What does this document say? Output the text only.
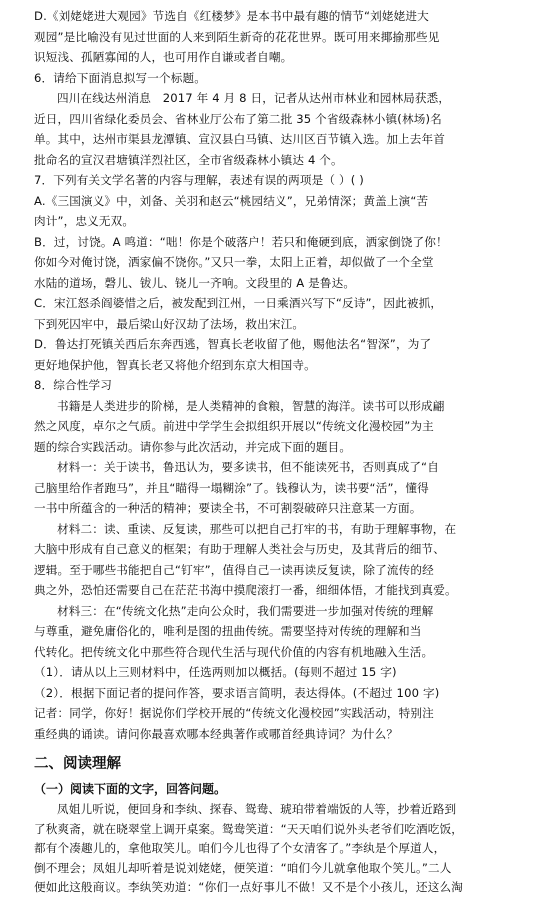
D.《刘姥姥进大观园》节选自《红楼梦》是本书中最有趣的情节“刘姥姥进大

观园”是比喻没有见过世面的人来到陌生新奇的花花世界。既可用来揶揄那些见

识短浅、孤陋寡闻的人，也可用作自谦或者自嘲。

6．请给下面消息拟写一个标题。

四川在线达州消息　2017 年 4 月 8 日，记者从达州市林业和园林局获悉，

近日，四川省绿化委员会、省林业厅公布了第二批 35 个省级森林小镇(林场)名

单。其中，达州市渠县龙潭镇、宣汉县白马镇、达川区百节镇入选。加上去年首

批命名的宣汉君塘镇洋烈社区，全市省级森林小镇达 4 个。

7．下列有关文学名著的内容与理解，表述有误的两项是（ ）( )

A.《三国演义》中，刘备、关羽和赵云“桃园结义”，兄弟情深；黄盖上演“苦

肉计”，忠义无双。

B．过，讨饶。A 鸣道：“咄！你是个破落户！若只和俺硬到底，洒家倒饶了你！

你如今对俺讨饶，洒家偏不饶你。”又只一拳，太阳上正着，却似做了一个全堂

水陆的道场，磬儿、钹儿、铙儿一齐响。文段里的 A 是鲁达。

C．宋江怒杀阎婆惜之后，被发配到江州，一日乘酒兴写下“反诗”，因此被抓，

下到死囚牢中，最后梁山好汉劫了法场，救出宋江。

D．鲁达打死镇关西后东奔西逃，智真长老收留了他，赐他法名“智深”，为了

更好地保护他，智真长老又将他介绍到东京大相国寺。

8．综合性学习

书籍是人类进步的阶梯，是人类精神的食粮，智慧的海洋。读书可以形成翩

然之风度，卓尔之气质。前进中学学生会拟组织开展以“传统文化漫校园”为主

题的综合实践活动。请你参与此次活动，并完成下面的题目。

材料一：关于读书，鲁迅认为，要多读书，但不能读死书，否则真成了“自

己脑里给作者跑马”，并且“瞄得一塌糊涂”了。钱穆认为，读书要“活”，懂得

一书中所蕴含的一种活的精神；要读全书，不可割裂破碎只注意某一方面。

材料二：读、重读、反复读，那些可以把自己打牢的书，有助于理解事物，在

大脑中形成有自己意义的框架；有助于理解人类社会与历史，及其背后的细节、

逻辑。至于哪些书能把自己“钉牢”，值得自己一读再读反复读，除了流传的经

典之外，恐怕还需要自己在茫茫书海中摸爬滚打一番，细细体悟，才能找到真爱。

材料三：在“传统文化热”走向公众时，我们需要进一步加强对传统的理解

与尊重，避免庸俗化的，唯利是图的扭曲传统。需要坚持对传统的理解和当

代转化。把传统文化中那些符合现代生活与现代价值的内容有机地融入生活。

（1）．请从以上三则材料中，任选两则加以概括。(每则不超过 15 字)

（2）．根据下面记者的提问作答，要求语言简明，表达得体。(不超过 100 字)

记者：同学，你好！据说你们学校开展的“传统文化漫校园”实践活动，特别注

重经典的诵读。请问你最喜欢哪本经典著作或哪首经典诗词？为什么？

二、阅读理解
（一）阅读下面的文字，回答问题。

凤姐儿听说，便回身和李纨、探春、鸳鸯、琥珀带着端饭的人等，抄着近路到

了秋爽斋，就在晓翠堂上调开桌案。鸳鸯笑道：“天天咱们说外头老爷们吃酒吃饭，

都有个凑趣儿的，拿他取笑儿。咱们今儿也得了个女清客了。”李纨是个厚道人，

倒不理会；凤姐儿却听着是说刘姥姥，便笑道：“咱们今儿就拿他取个笑儿。”二人

便如此这般商议。李纨笑劝道：“你们一点好事儿不做！又不是个小孩儿，还这么淘
